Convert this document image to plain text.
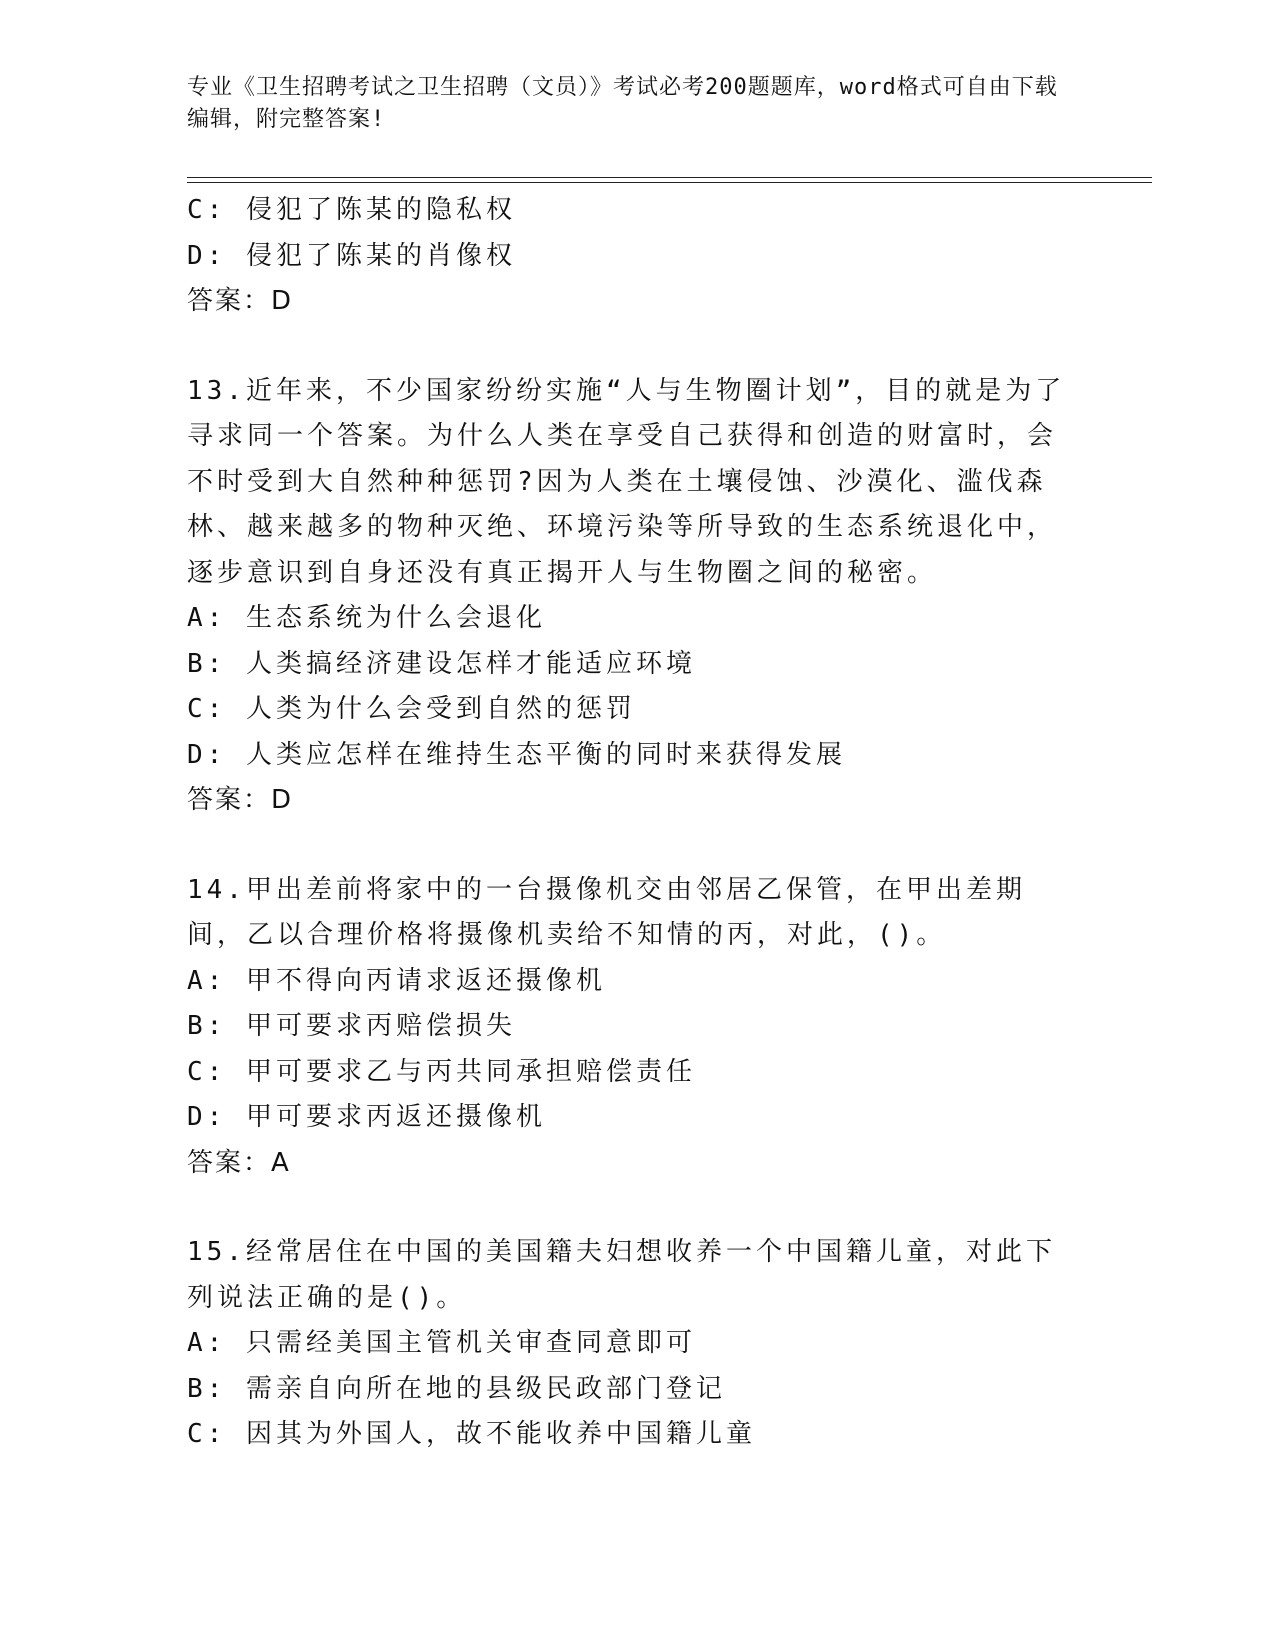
专业《卫生招聘考试之卫生招聘（文员）》考试必考200题题库，word格式可自由下载编辑，附完整答案!

C: 侵犯了陈某的隐私权

D: 侵犯了陈某的肖像权

答案：D

13.近年来，不少国家纷纷实施“人与生物圈计划”，目的就是为了寻求同一个答案。为什么人类在享受自己获得和创造的财富时，会不时受到大自然种种惩罚?因为人类在土壤侵蚀、沙漠化、滥伐森林、越来越多的物种灭绝、环境污染等所导致的生态系统退化中，逐步意识到自身还没有真正揭开人与生物圈之间的秘密。

A: 生态系统为什么会退化

B: 人类搞经济建设怎样才能适应环境

C: 人类为什么会受到自然的惩罚

D: 人类应怎样在维持生态平衡的同时来获得发展

答案：D

14.甲出差前将家中的一台摄像机交由邻居乙保管，在甲出差期间，乙以合理价格将摄像机卖给不知情的丙，对此，()。

A: 甲不得向丙请求返还摄像机

B: 甲可要求丙赔偿损失

C: 甲可要求乙与丙共同承担赔偿责任

D: 甲可要求丙返还摄像机

答案：A

15.经常居住在中国的美国籍夫妇想收养一个中国籍儿童，对此下列说法正确的是()。

A: 只需经美国主管机关审查同意即可

B: 需亲自向所在地的县级民政部门登记

C: 因其为外国人，故不能收养中国籍儿童
